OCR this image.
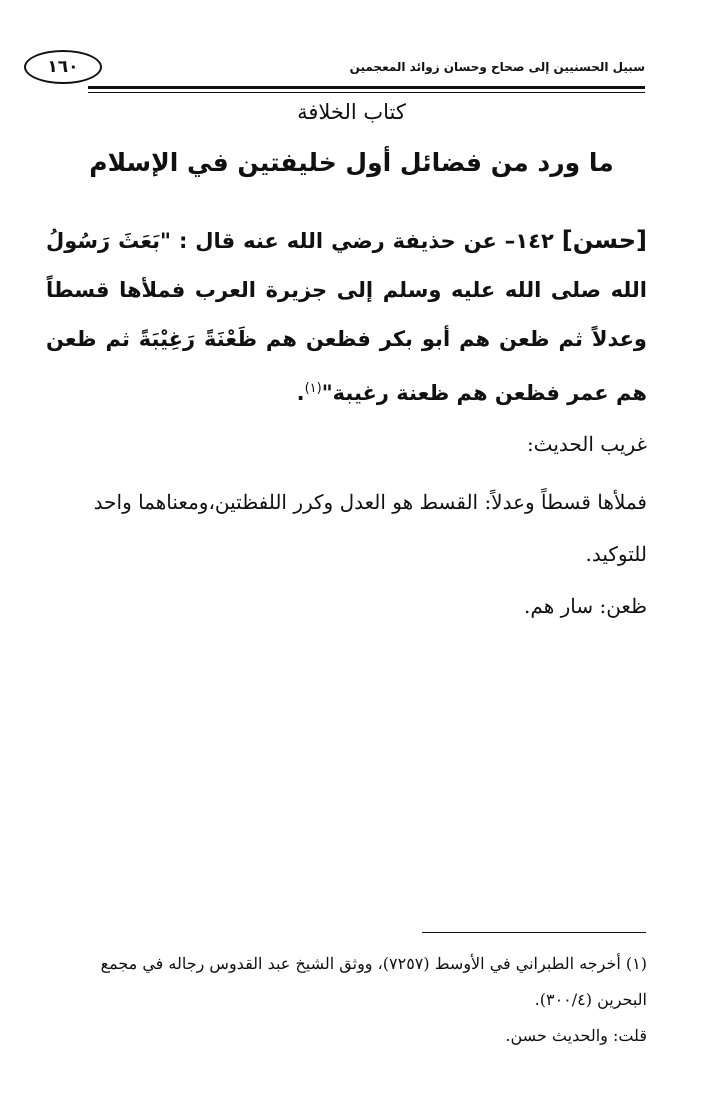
١٦٠	سبيل الحسنيين إلى صحاح وحسان زوائد المعجمين
كتاب الخلافة
ما ورد من فضائل أول خليفتين في الإسلام
[حسن] ١٤٢– عن حذيفة رضي الله عنه قال : "بَعَثَ رَسُولُ الله صلى الله عليه وسلم إلى جزيرة العرب فملأها قسطاً وعدلاً ثم ظعن هم أبو بكر فظعن هم ظَعْنَةً رَغِيْبَةً ثم ظعن هم عمر فظعن هم ظعنة رغيبة"$^{(١)}$.
غريب الحديث:

فملأها قسطاً وعدلاً: القسط هو العدل وكرر اللفظتين،ومعناهما واحد للتوكيد.

ظعن: سار هم.

(١) أخرجه الطبراني في الأوسط (٧٢٥٧)، ووثق الشيخ عبد القدوس رجاله في مجمع البحرين (٣٠٠/٤).

قلت: والحديث حسن.
